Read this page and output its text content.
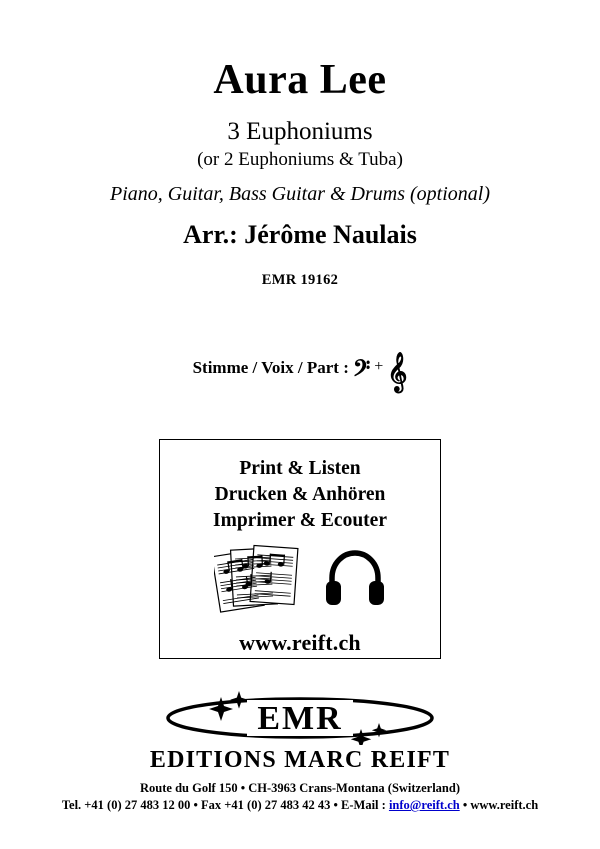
Aura Lee
3 Euphoniums
(or 2 Euphoniums & Tuba)
Piano, Guitar, Bass Guitar & Drums (optional)
Arr.: Jérôme Naulais
EMR 19162
Stimme / Voix / Part : 𝄢 + 𝄞
Print & Listen
Drucken & Anhören
Imprimer & Ecouter
www.reift.ch
EMR
EDITIONS MARC REIFT
Route du Golf 150 • CH-3963 Crans-Montana (Switzerland)
Tel. +41 (0) 27 483 12 00 • Fax +41 (0) 27 483 42 43 • E-Mail : info@reift.ch • www.reift.ch
